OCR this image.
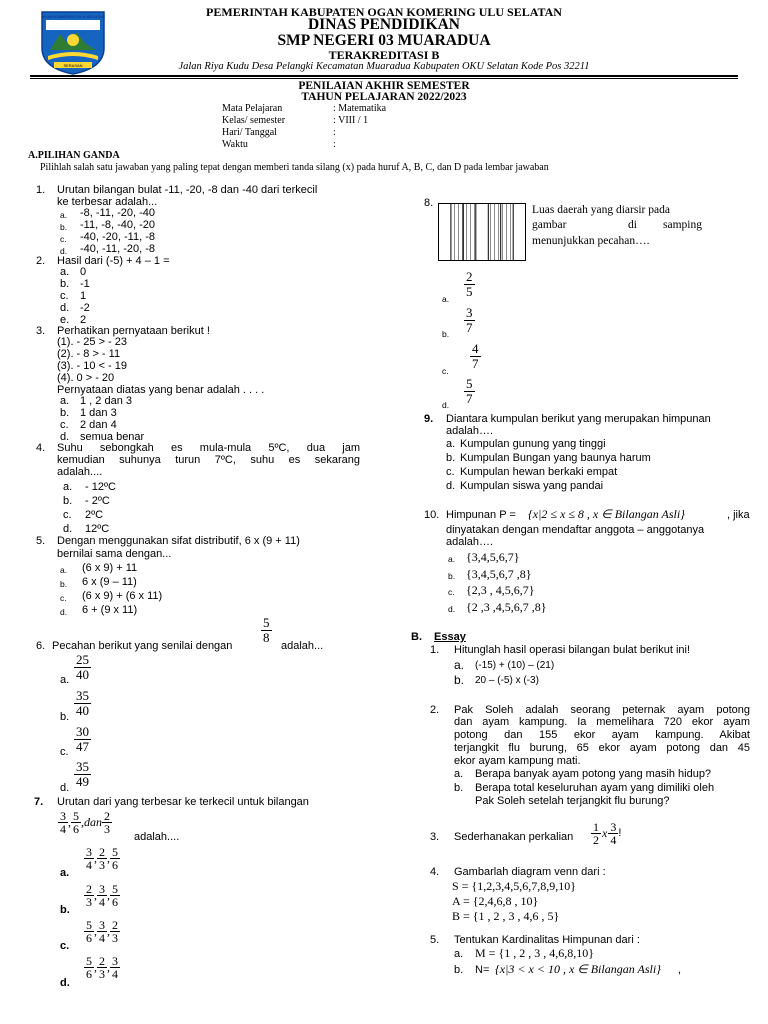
OGAN KOMERING ULU SELATAN
SERASAN
PEMERINTAH KABUPATEN OGAN KOMERING ULU SELATAN
DINAS PENDIDIKAN
SMP NEGERI 03 MUARADUA
TERAKREDITASI B
Jalan Riya Kudu Desa Pelangki Kecamatan Muaradua Kabupaten OKU Selatan Kode Pos 32211
PENILAIAN AKHIR SEMESTER
TAHUN PELAJARAN 2022/2023
Mata Pelajaran	: Matematika
Kelas/ semester	: VIII / 1
Hari/ Tanggal	:
Waktu	:
A.PILIHAN GANDA
Pilihlah salah satu jawaban yang paling tepat dengan memberi tanda silang (x) pada huruf A, B, C, dan D pada lembar jawaban
1. Urutan bilangan bulat -11, -20, -8 dan -40 dari terkecil
ke terbesar adalah...
a. -8, -11, -20, -40
b. -11, -8, -40, -20
c. -40, -20, -11, -8
d. -40, -11, -20, -8
2. Hasil dari (-5) + 4 – 1 =
a. 0
b. -1
c. 1
d. -2
e. 2
3. Perhatikan pernyataan berikut !
(1). - 25 > - 23
(2). - 8 > - 11
(3). - 10 < - 19
(4). 0 > - 20
Pernyataan diatas yang benar adalah . . . .
a. 1 , 2 dan 3
b. 1 dan 3
c. 2 dan 4
d. semua benar
4. Suhu sebongkah es mula-mula 5ºC, dua jam
kemudian suhunya turun 7ºC, suhu es sekarang
adalah....
a. - 12ºC
b. - 2ºC
c. 2ºC
d. 12ºC
5. Dengan menggunakan sifat distributif, 6 x (9 + 11)
bernilai sama dengan...
a. (6 x 9) + 11
b. 6 x (9 – 11)
c. (6 x 9) + (6 x 11)
d. 6 + (9 x 11)
6. Pecahan berikut yang senilai dengan
$\frac{5}{8}$
adalah...
a. $\frac{25}{40}$
b. $\frac{35}{40}$
c. $\frac{30}{47}$
d. $\frac{35}{49}$
7. Urutan dari yang terbesar ke terkecil untuk bilangan
$\frac{3}{4}$ , $\frac{5}{6} ,dan \frac{2}{3}$
adalah....
a.
$\frac{3}{4}$ , $\frac{2}{3}$ , $\frac{5}{6}$
b.
$\frac{2}{3}$ , $\frac{3}{4}$ , $\frac{5}{6}$
c.
$\frac{5}{6}$ , $\frac{3}{4}$ , $\frac{2}{3}$
d.
$\frac{5}{6}$ , $\frac{2}{3}$ , $\frac{3}{4}$
8.
Luas daerah yang diarsir pada
gambar	di samping
menunjukkan pecahan….
a. $\frac{2}{5}$
b. $\frac{3}{7}$
c. $\frac{4}{7}$
d. $\frac{5}{7}$
9. Diantara kumpulan berikut yang merupakan himpunan
adalah….
a. Kumpulan gunung yang tinggi
b. Kumpulan Bungan yang baunya harum
c. Kumpulan hewan berkaki empat
d. Kumpulan siswa yang pandai
10. Himpunan P = {x|2 ≤ x ≤ 8 , x ∈ Bilangan Asli}	, jika
dinyatakan dengan mendaftar anggota – anggotanya
adalah….
a. {3,4,5,6,7}
b. {3,4,5,6,7 ,8}
c. {2,3 , 4,5,6,7}
d. {2 ,3 ,4,5,6,7 ,8}
B. Essay
1. Hitunglah hasil operasi bilangan bulat berikut ini!
a. (-15) + (10) – (21)
b. 20 – (-5) x (-3)
2. Pak Soleh adalah seorang peternak ayam potong
dan ayam kampung. Ia memelihara 720 ekor ayam
potong dan 155 ekor ayam kampung. Akibat
terjangkit flu burung, 65 ekor ayam potong dan 45
ekor ayam kampung mati.
a. Berapa banyak ayam potong yang masih hidup?
b. Berapa total keseluruhan ayam yang dimiliki oleh
Pak Soleh setelah terjangkit flu burung?
3. Sederhanakan perkalian $\frac{1}{2}$ x $\frac{3}{4}$ !
4. Gambarlah diagram venn dari :
S = {1,2,3,4,5,6,7,8,9,10}
A = {2,4,6,8 , 10}
B = {1 , 2 , 3 , 4,6 , 5}
5. Tentukan Kardinalitas Himpunan dari :
a. M = {1 , 2 , 3 , 4,6,8,10}
b. N= {x|3 < x < 10 , x ∈ Bilangan Asli} ,
